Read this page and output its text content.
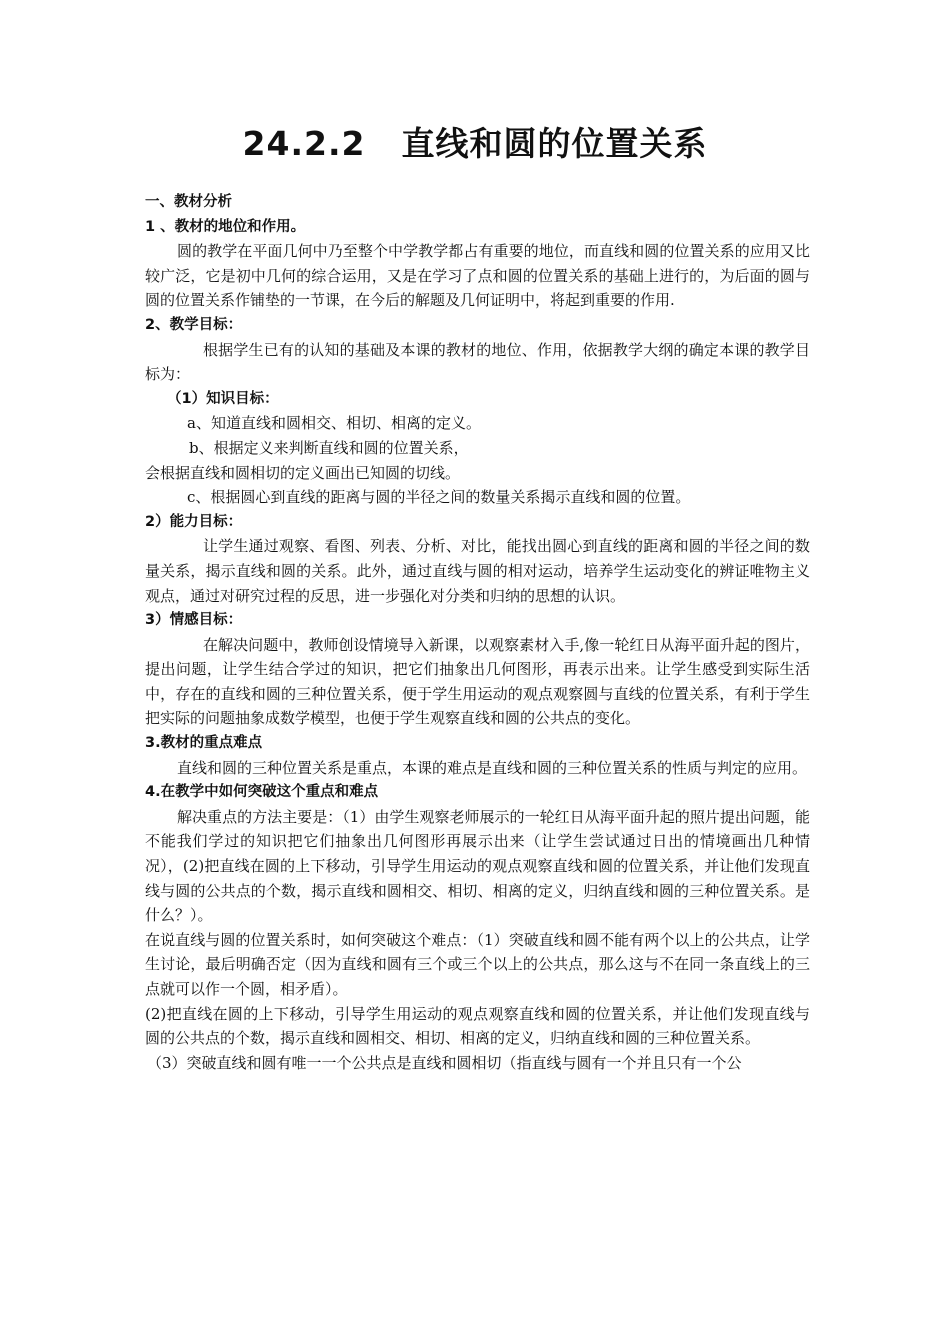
24.2.2 直线和圆的位置关系

一、教材分析

1 、教材的地位和作用。

圆的教学在平面几何中乃至整个中学教学都占有重要的地位，而直线和圆的位置关系的应用又比较广泛，它是初中几何的综合运用，又是在学习了点和圆的位置关系的基础上进行的，为后面的圆与圆的位置关系作铺垫的一节课，在今后的解题及几何证明中，将起到重要的作用.

2、教学目标：

根据学生已有的认知的基础及本课的教材的地位、作用，依据教学大纲的确定本课的教学目标为：

（1）知识目标：

a、知道直线和圆相交、相切、相离的定义。

b、根据定义来判断直线和圆的位置关系，

会根据直线和圆相切的定义画出已知圆的切线。

c、根据圆心到直线的距离与圆的半径之间的数量关系揭示直线和圆的位置。

2）能力目标：

让学生通过观察、看图、列表、分析、对比，能找出圆心到直线的距离和圆的半径之间的数量关系，揭示直线和圆的关系。此外，通过直线与圆的相对运动，培养学生运动变化的辨证唯物主义观点，通过对研究过程的反思，进一步强化对分类和归纳的思想的认识。

3）情感目标：

在解决问题中，教师创设情境导入新课，以观察素材入手,像一轮红日从海平面升起的图片，提出问题，让学生结合学过的知识，把它们抽象出几何图形，再表示出来。让学生感受到实际生活中，存在的直线和圆的三种位置关系，便于学生用运动的观点观察圆与直线的位置关系，有利于学生把实际的问题抽象成数学模型，也便于学生观察直线和圆的公共点的变化。

3.教材的重点难点

直线和圆的三种位置关系是重点，本课的难点是直线和圆的三种位置关系的性质与判定的应用。

4.在教学中如何突破这个重点和难点

解决重点的方法主要是：（1）由学生观察老师展示的一轮红日从海平面升起的照片提出问题，能不能我们学过的知识把它们抽象出几何图形再展示出来（让学生尝试通过日出的情境画出几种情况），(2)把直线在圆的上下移动，引导学生用运动的观点观察直线和圆的位置关系，并让他们发现直线与圆的公共点的个数，揭示直线和圆相交、相切、相离的定义，归纳直线和圆的三种位置关系。是什么？）。

在说直线与圆的位置关系时，如何突破这个难点：（1）突破直线和圆不能有两个以上的公共点，让学生讨论，最后明确否定（因为直线和圆有三个或三个以上的公共点，那么这与不在同一条直线上的三点就可以作一个圆，相矛盾）。

(2)把直线在圆的上下移动，引导学生用运动的观点观察直线和圆的位置关系，并让他们发现直线与圆的公共点的个数，揭示直线和圆相交、相切、相离的定义，归纳直线和圆的三种位置关系。

（3）突破直线和圆有唯一一个公共点是直线和圆相切（指直线与圆有一个并且只有一个公
